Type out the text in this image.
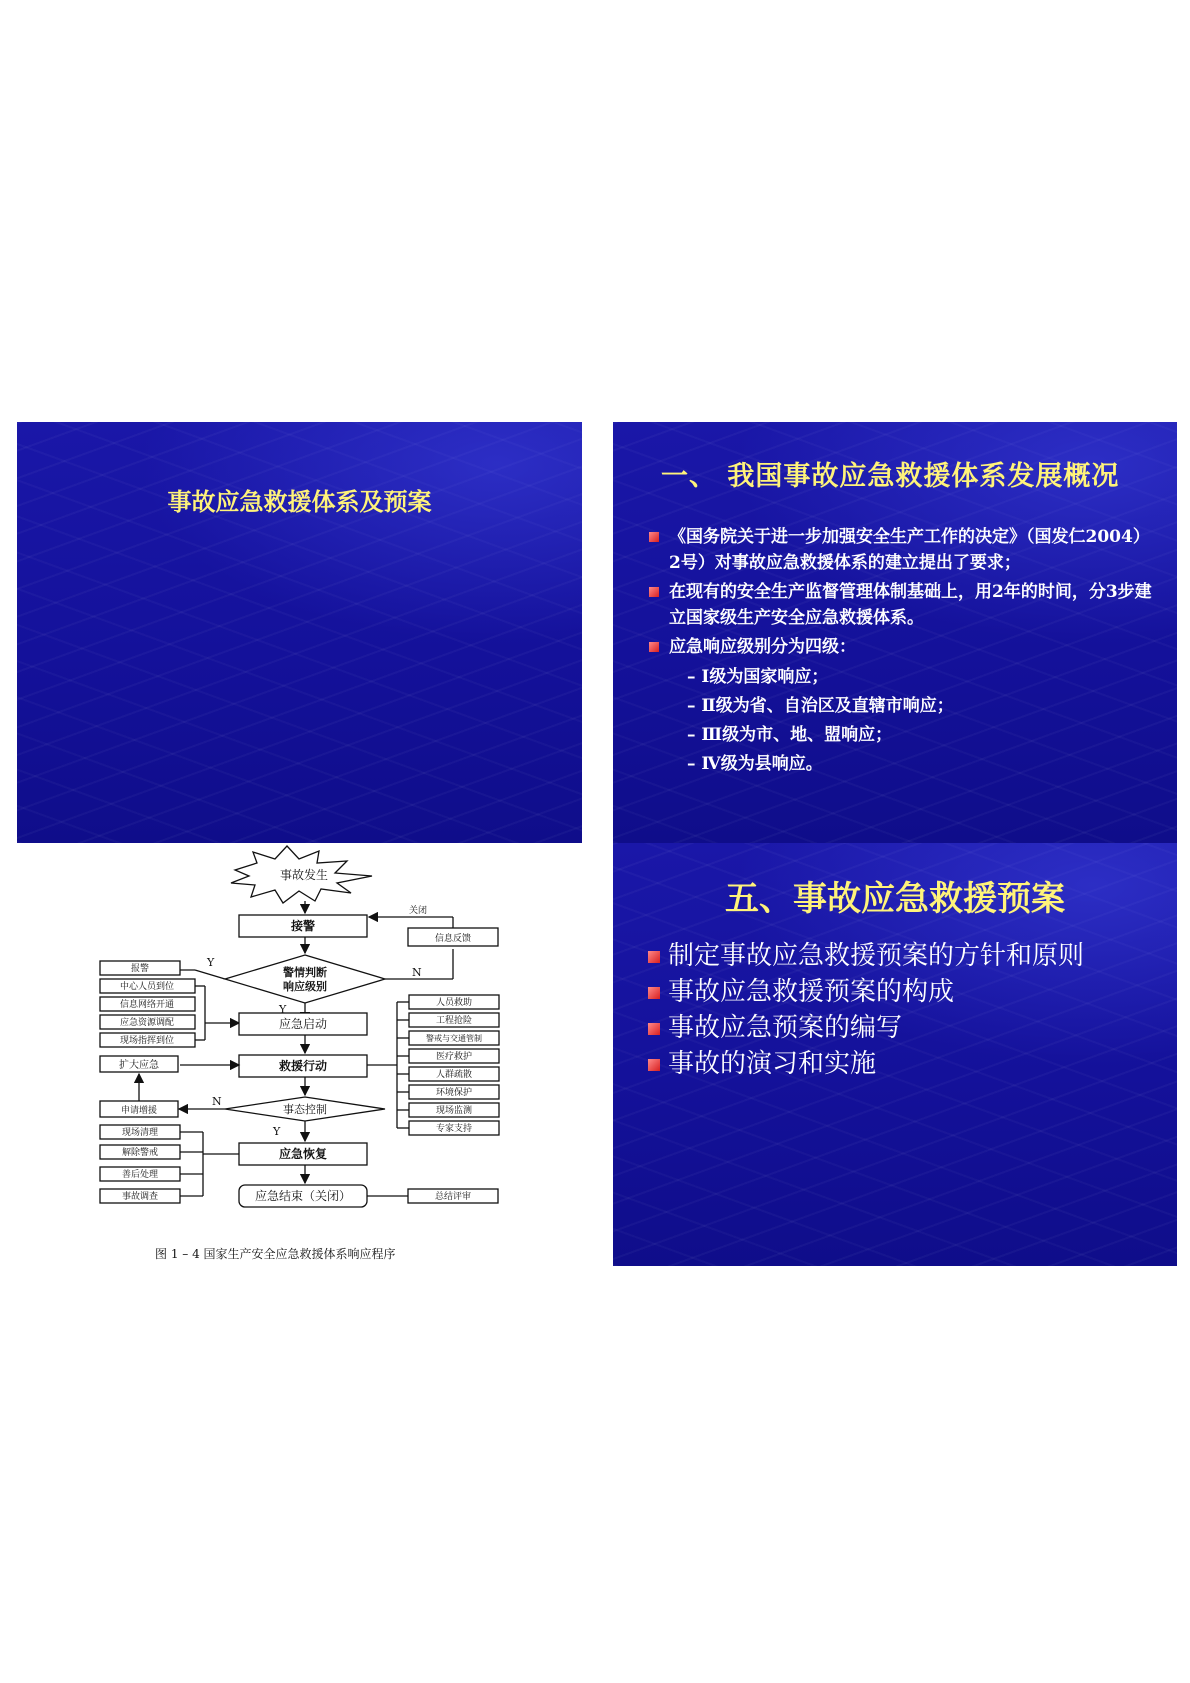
事故应急救援体系及预案
一、 我国事故应急救援体系发展概况
《国务院关于进一步加强安全生产工作的决定》（国发仁2004）2号）对事故应急救援体系的建立提出了要求；
在现有的安全生产监督管理体制基础上，用2年的时间，分3步建立国家级生产安全应急救援体系。
应急响应级别分为四级：
– Ⅰ级为国家响应；
– Ⅱ级为省、自治区及直辖市响应；
– Ⅲ级为市、地、盟响应；
– Ⅳ级为县响应。
事故发生
接警
关闭
信息反馈
警情判断
响应级别
Y
N
Y
N
Y
应急启动
救援行动
扩大应急
事态控制
申请增援
应急恢复
应急结束（关闭）	总结评审
报警
中心人员到位
信息网络开通
应急资源调配
现场指挥到位
人员救助
工程抢险
警戒与交通管制
医疗救护
人群疏散
环境保护
现场监测
专家支持
现场清理
解除警戒
善后处理
事故调查
图 1 – 4 国家生产安全应急救援体系响应程序
五、事故应急救援预案
制定事故应急救援预案的方针和原则
事故应急救援预案的构成
事故应急预案的编写
事故的演习和实施
